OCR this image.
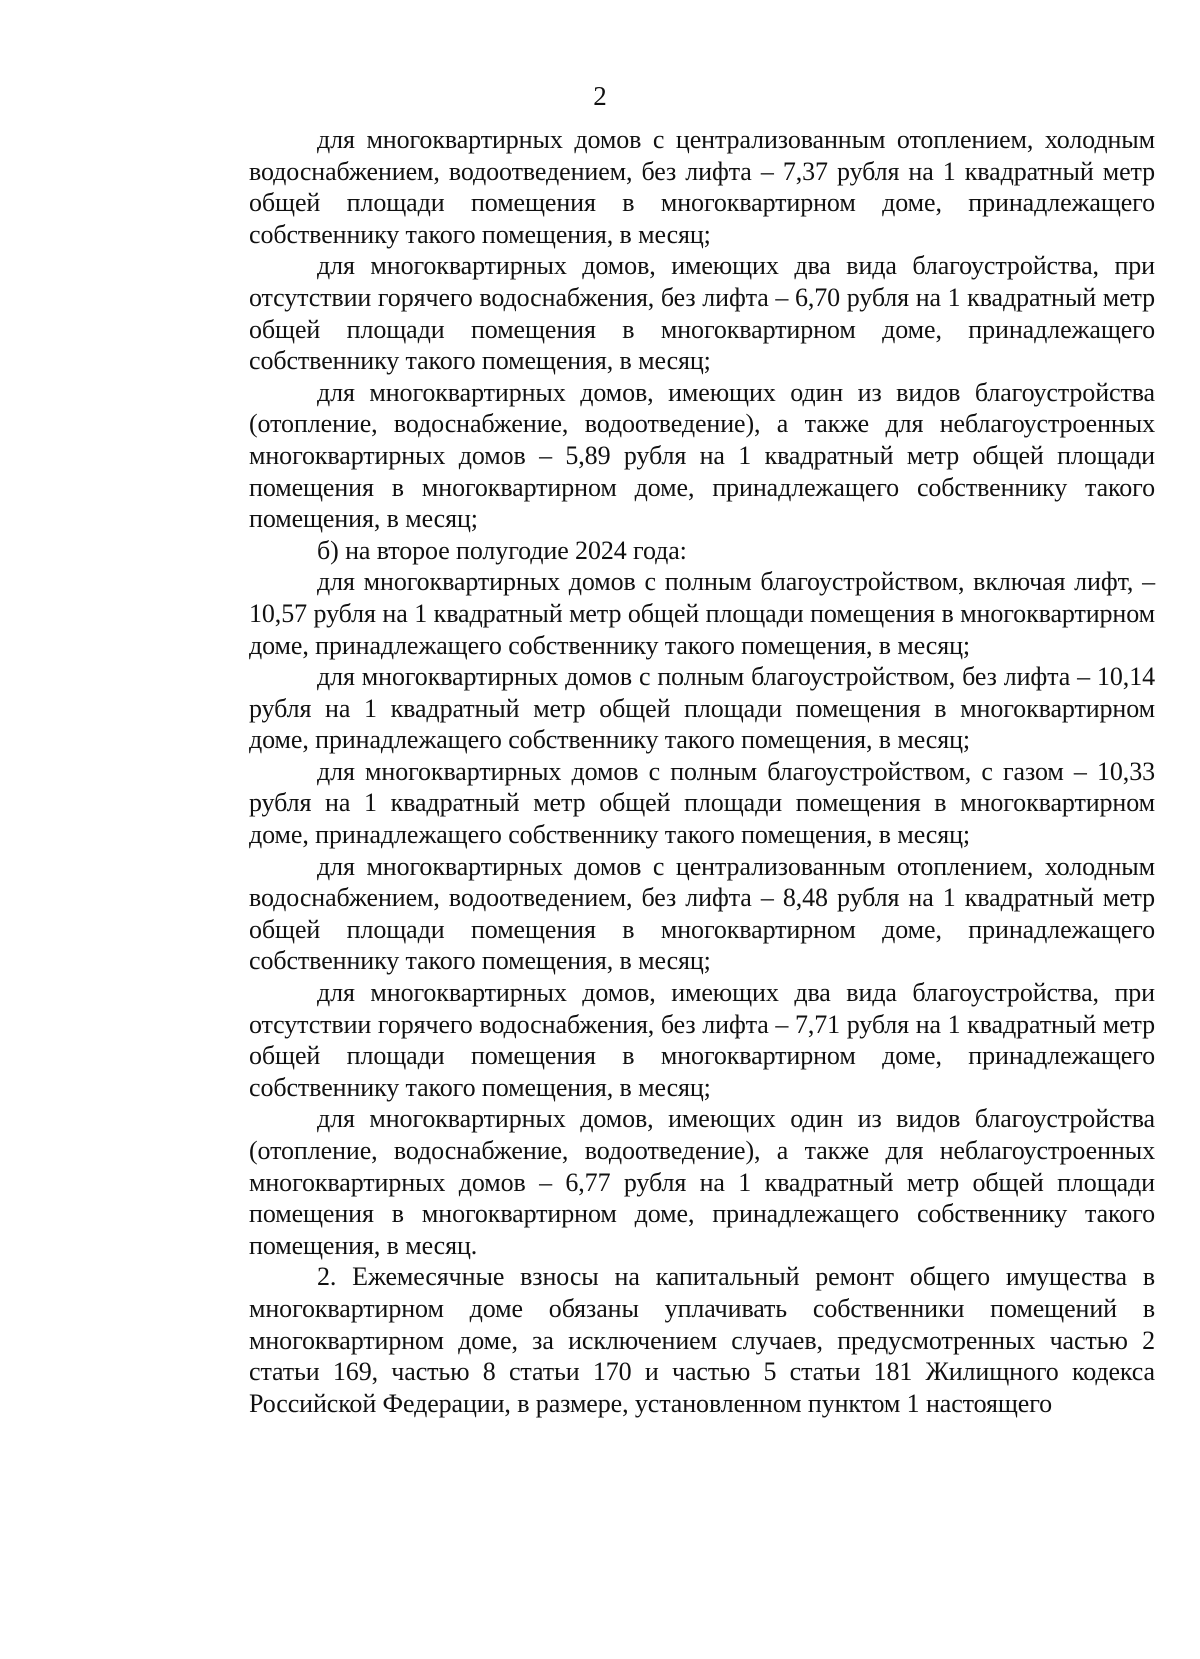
2

для многоквартирных домов с централизованным отоплением, холодным водоснабжением, водоотведением, без лифта – 7,37 рубля на 1 квадратный метр общей площади помещения в многоквартирном доме, принадлежащего собственнику такого помещения, в месяц;

для многоквартирных домов, имеющих два вида благоустройства, при отсутствии горячего водоснабжения, без лифта – 6,70 рубля на 1 квадратный метр общей площади помещения в многоквартирном доме, принадлежащего собственнику такого помещения, в месяц;

для многоквартирных домов, имеющих один из видов благоустройства (отопление, водоснабжение, водоотведение), а также для неблагоустроенных многоквартирных домов – 5,89 рубля на 1 квадратный метр общей площади помещения в многоквартирном доме, принадлежащего собственнику такого помещения, в месяц;

б) на второе полугодие 2024 года:

для многоквартирных домов с полным благоустройством, включая лифт, – 10,57 рубля на 1 квадратный метр общей площади помещения в многоквартирном доме, принадлежащего собственнику такого помещения, в месяц;

для многоквартирных домов с полным благоустройством, без лифта – 10,14 рубля на 1 квадратный метр общей площади помещения в многоквартирном доме, принадлежащего собственнику такого помещения, в месяц;

для многоквартирных домов с полным благоустройством, с газом – 10,33 рубля на 1 квадратный метр общей площади помещения в многоквартирном доме, принадлежащего собственнику такого помещения, в месяц;

для многоквартирных домов с централизованным отоплением, холодным водоснабжением, водоотведением, без лифта – 8,48 рубля на 1 квадратный метр общей площади помещения в многоквартирном доме, принадлежащего собственнику такого помещения, в месяц;

для многоквартирных домов, имеющих два вида благоустройства, при отсутствии горячего водоснабжения, без лифта – 7,71 рубля на 1 квадратный метр общей площади помещения в многоквартирном доме, принадлежащего собственнику такого помещения, в месяц;

для многоквартирных домов, имеющих один из видов благоустройства (отопление, водоснабжение, водоотведение), а также для неблагоустроенных многоквартирных домов – 6,77 рубля на 1 квадратный метр общей площади помещения в многоквартирном доме, принадлежащего собственнику такого помещения, в месяц.

2. Ежемесячные взносы на капитальный ремонт общего имущества в многоквартирном доме обязаны уплачивать собственники помещений в многоквартирном доме, за исключением случаев, предусмотренных частью 2 статьи 169, частью 8 статьи 170 и частью 5 статьи 181 Жилищного кодекса Российской Федерации, в размере, установленном пунктом 1 настоящего
